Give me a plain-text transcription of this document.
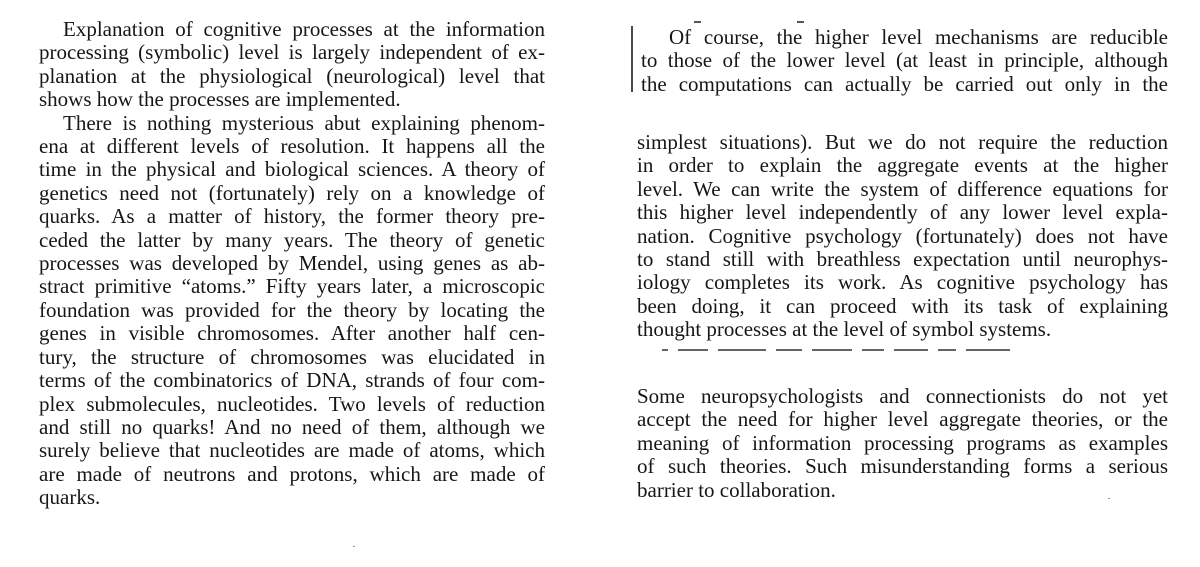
Explanation of cognitive processes at the information
processing (symbolic) level is largely independent of ex-
planation at the physiological (neurological) level that
shows how the processes are implemented.

There is nothing mysterious abut explaining phenom-
ena at different levels of resolution. It happens all the
time in the physical and biological sciences. A theory of
genetics need not (fortunately) rely on a knowledge of
quarks. As a matter of history, the former theory pre-
ceded the latter by many years. The theory of genetic
processes was developed by Mendel, using genes as ab-
stract primitive “atoms.” Fifty years later, a microscopic
foundation was provided for the theory by locating the
genes in visible chromosomes. After another half cen-
tury, the structure of chromosomes was elucidated in
terms of the combinatorics of DNA, strands of four com-
plex submolecules, nucleotides. Two levels of reduction
and still no quarks! And no need of them, although we
surely believe that nucleotides are made of atoms, which
are made of neutrons and protons, which are made of
quarks.

Of course, the higher level mechanisms are reducible
to those of the lower level (at least in principle, although
the computations can actually be carried out only in the

simplest situations). But we do not require the reduction
in order to explain the aggregate events at the higher
level. We can write the system of difference equations for
this higher level independently of any lower level expla-
nation. Cognitive psychology (fortunately) does not have
to stand still with breathless expectation until neurophys-
iology completes its work. As cognitive psychology has
been doing, it can proceed with its task of explaining
thought processes at the level of symbol systems.

Some neuropsychologists and connectionists do not yet
accept the need for higher level aggregate theories, or the
meaning of information processing programs as examples
of such theories. Such misunderstanding forms a serious
barrier to collaboration.
